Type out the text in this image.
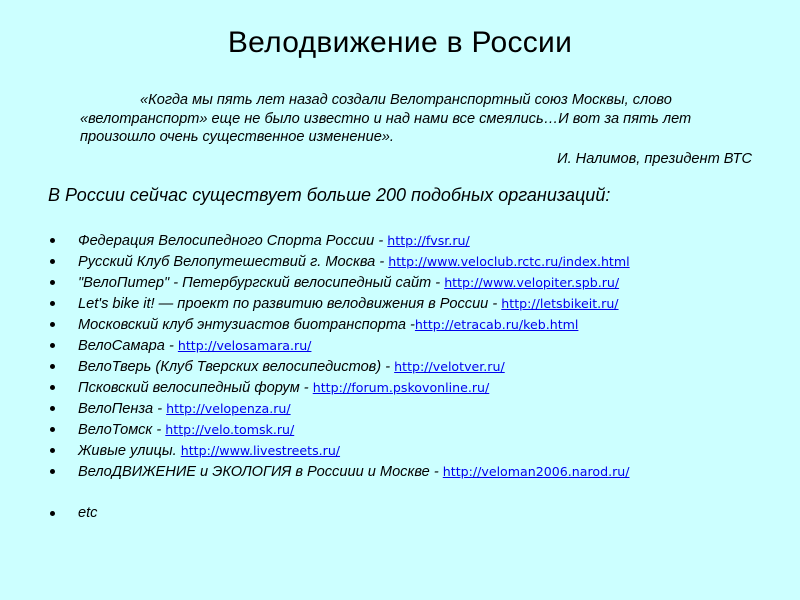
Велодвижение в России

«Когда мы пять лет назад создали Велотранспортный союз Москвы, слово «велотранспорт» еще не было известно и над нами все смеялись…И вот за пять лет произошло очень существенное изменение».

И. Налимов, президент ВТС

В России сейчас существует больше 200 подобных организаций:

Федерация Велосипедного Спорта России - http://fvsr.ru/
Русский Клуб Велопутешествий г. Москва - http://www.veloclub.rctc.ru/index.html
"ВелоПитер" - Петербургский велосипедный сайт - http://www.velopiter.spb.ru/
Let's bike it! — проект по развитию велодвижения в России - http://letsbikeit.ru/
Московский клуб энтузиастов биотранспорта -http://etracab.ru/keb.html
ВелоСамара - http://velosamara.ru/
ВелоТверь (Клуб Тверских велосипедистов) - http://velotver.ru/
Псковский велосипедный форум - http://forum.pskovonline.ru/
ВелоПенза - http://velopenza.ru/
ВелоТомск - http://velo.tomsk.ru/
Живые улицы. http://www.livestreets.ru/
ВелоДВИЖЕНИЕ и ЭКОЛОГИЯ в Россиии и Москве - http://veloman2006.narod.ru/
etc
